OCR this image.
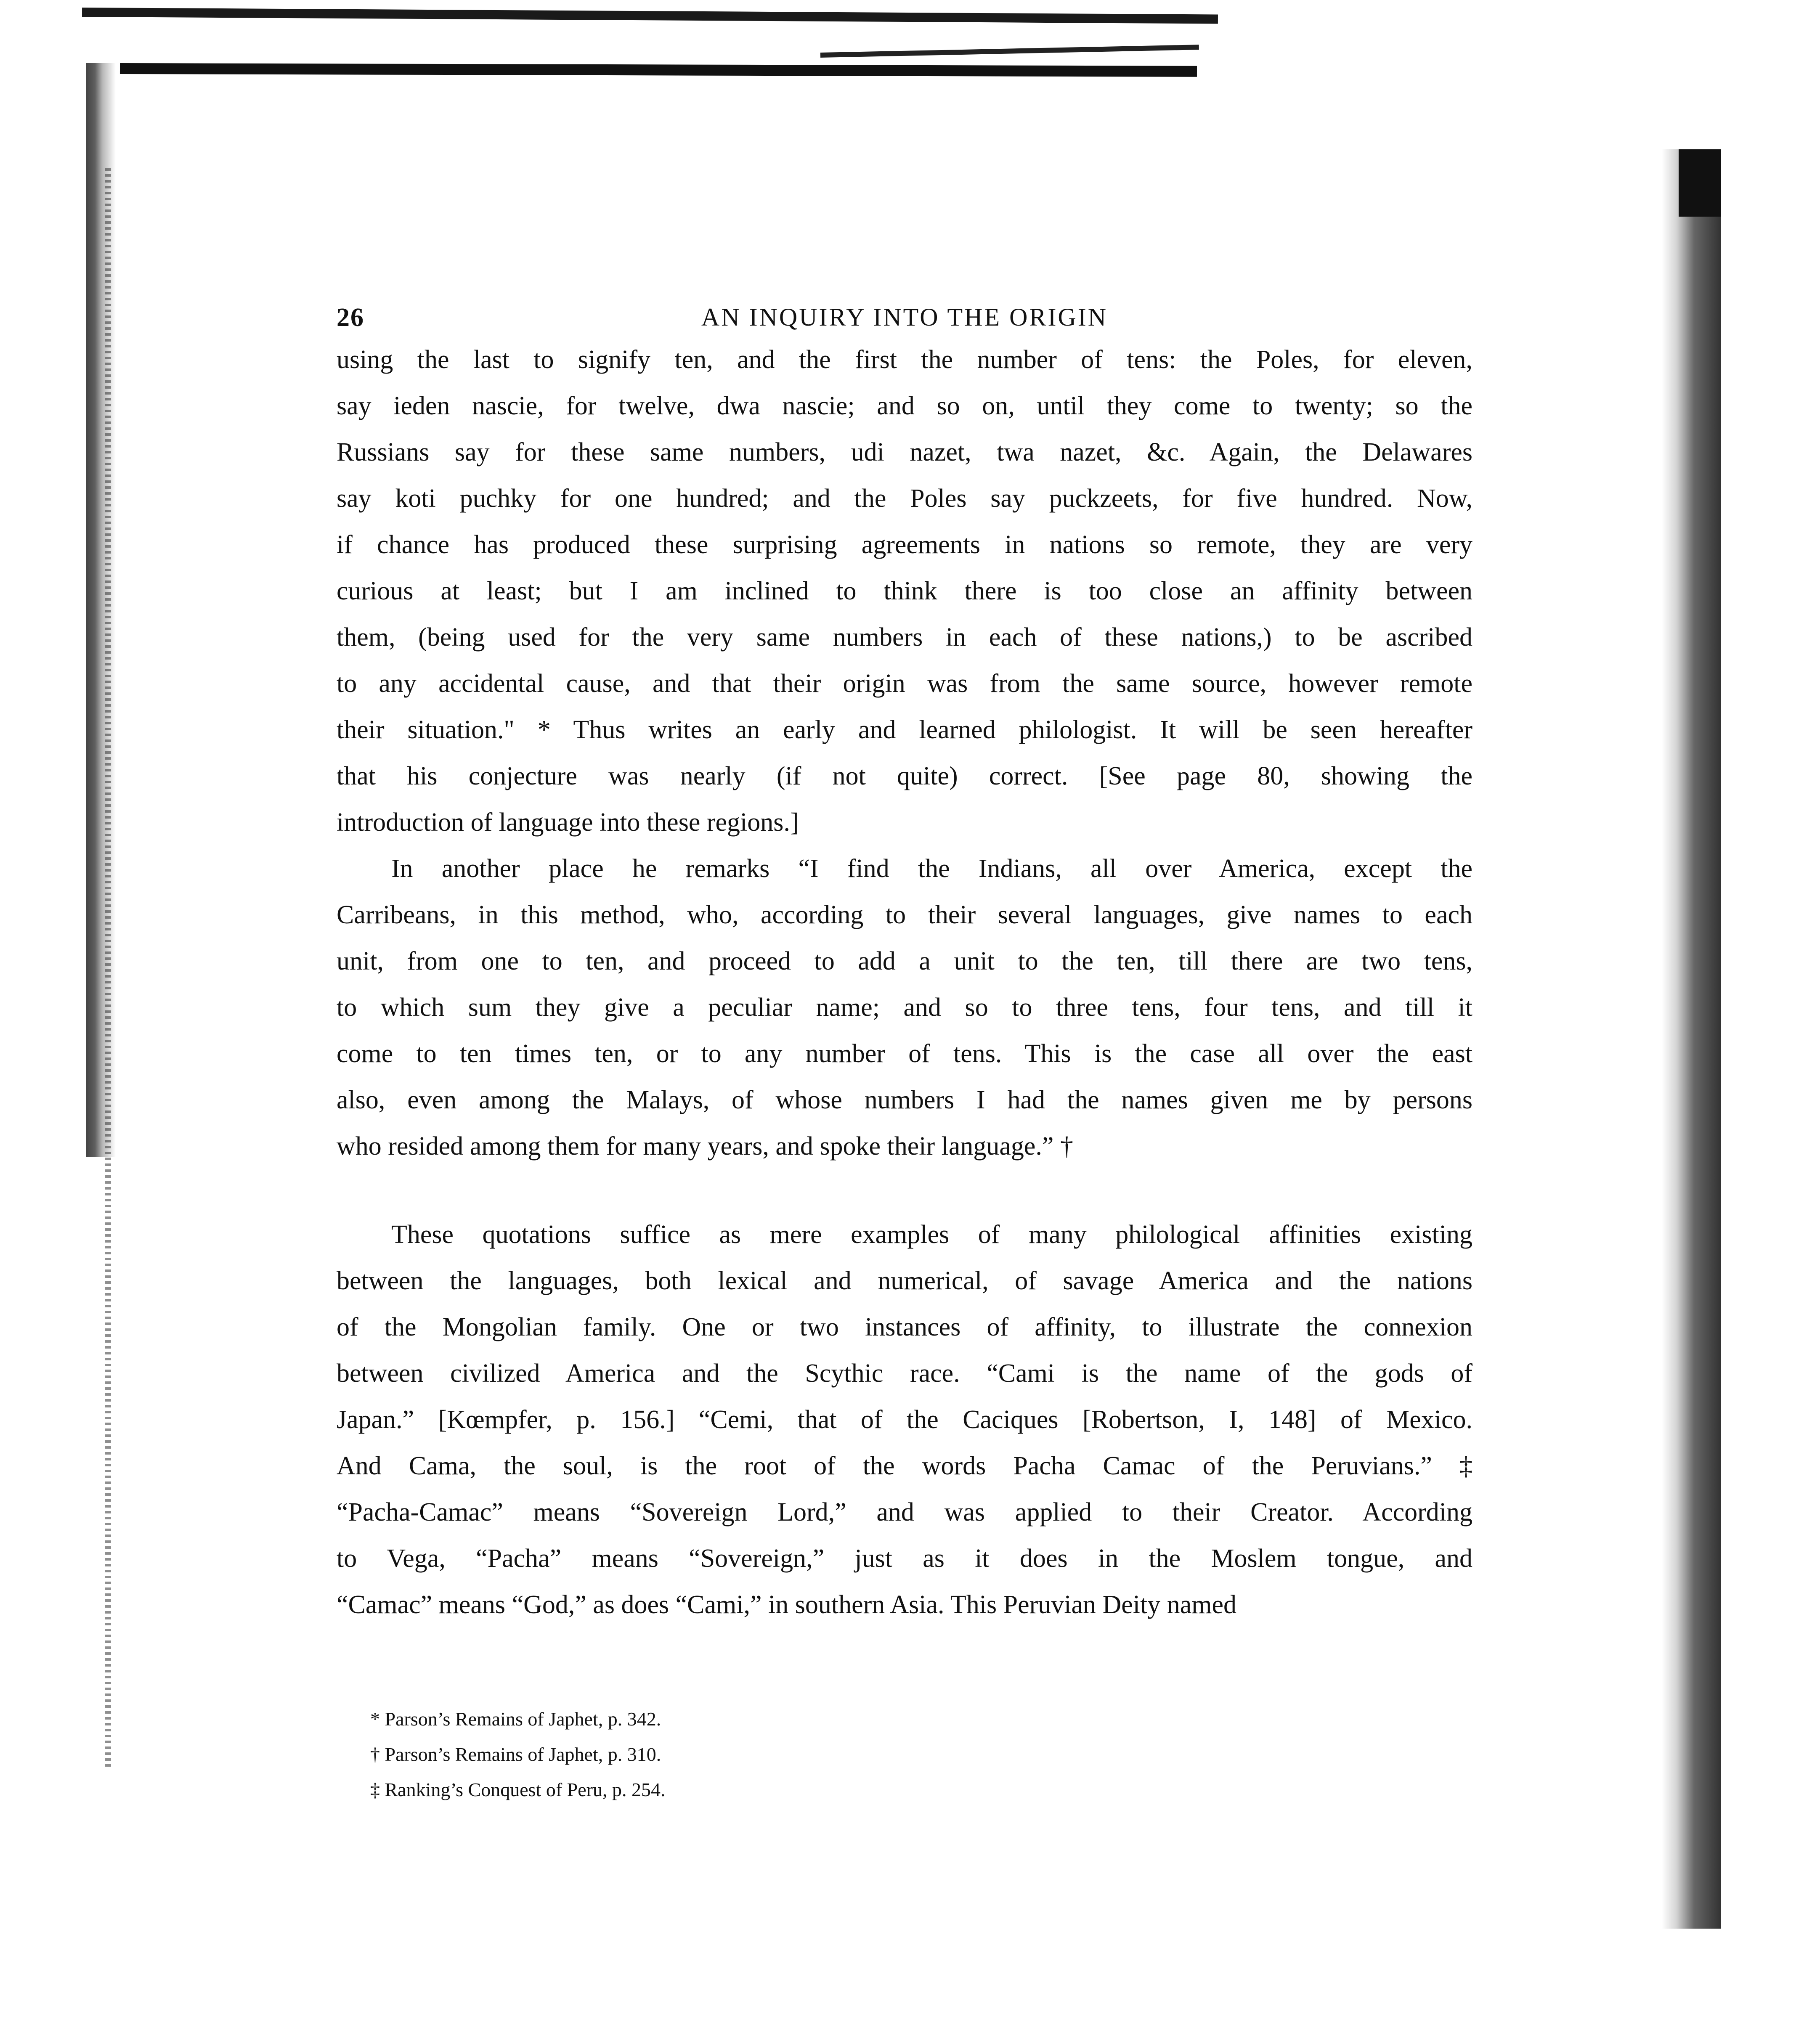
26	AN INQUIRY INTO THE ORIGIN
using the last to signify ten, and the first the number of tens: the Poles, for eleven,
say ieden nascie, for twelve, dwa nascie; and so on, until they come to twenty; so the
Russians say for these same numbers, udi nazet, twa nazet, &c. Again, the Delawares
say koti puchky for one hundred; and the Poles say puckzeets, for five hundred. Now,
if chance has produced these surprising agreements in nations so remote, they are very
curious at least; but I am inclined to think there is too close an affinity between
them, (being used for the very same numbers in each of these nations,) to be ascribed
to any accidental cause, and that their origin was from the same source, however remote
their situation." * Thus writes an early and learned philologist. It will be seen hereafter
that his conjecture was nearly (if not quite) correct. [See page 80, showing the
introduction of language into these regions.]
In another place he remarks “I find the Indians, all over America, except the
Carribeans, in this method, who, according to their several languages, give names to each
unit, from one to ten, and proceed to add a unit to the ten, till there are two tens,
to which sum they give a peculiar name; and so to three tens, four tens, and till it
come to ten times ten, or to any number of tens. This is the case all over the east
also, even among the Malays, of whose numbers I had the names given me by persons
who resided among them for many years, and spoke their language.” †
These quotations suffice as mere examples of many philological affinities existing
between the languages, both lexical and numerical, of savage America and the nations
of the Mongolian family. One or two instances of affinity, to illustrate the connexion
between civilized America and the Scythic race. “Cami is the name of the gods of
Japan.” [Kœmpfer, p. 156.] “Cemi, that of the Caciques [Robertson, I, 148] of Mexico.
And Cama, the soul, is the root of the words Pacha Camac of the Peruvians.” ‡
“Pacha-Camac” means “Sovereign Lord,” and was applied to their Creator. According
to Vega, “Pacha” means “Sovereign,” just as it does in the Moslem tongue, and
“Camac” means “God,” as does “Cami,” in southern Asia. This Peruvian Deity named
* Parson’s Remains of Japhet, p. 342.
† Parson’s Remains of Japhet, p. 310.
‡ Ranking’s Conquest of Peru, p. 254.
